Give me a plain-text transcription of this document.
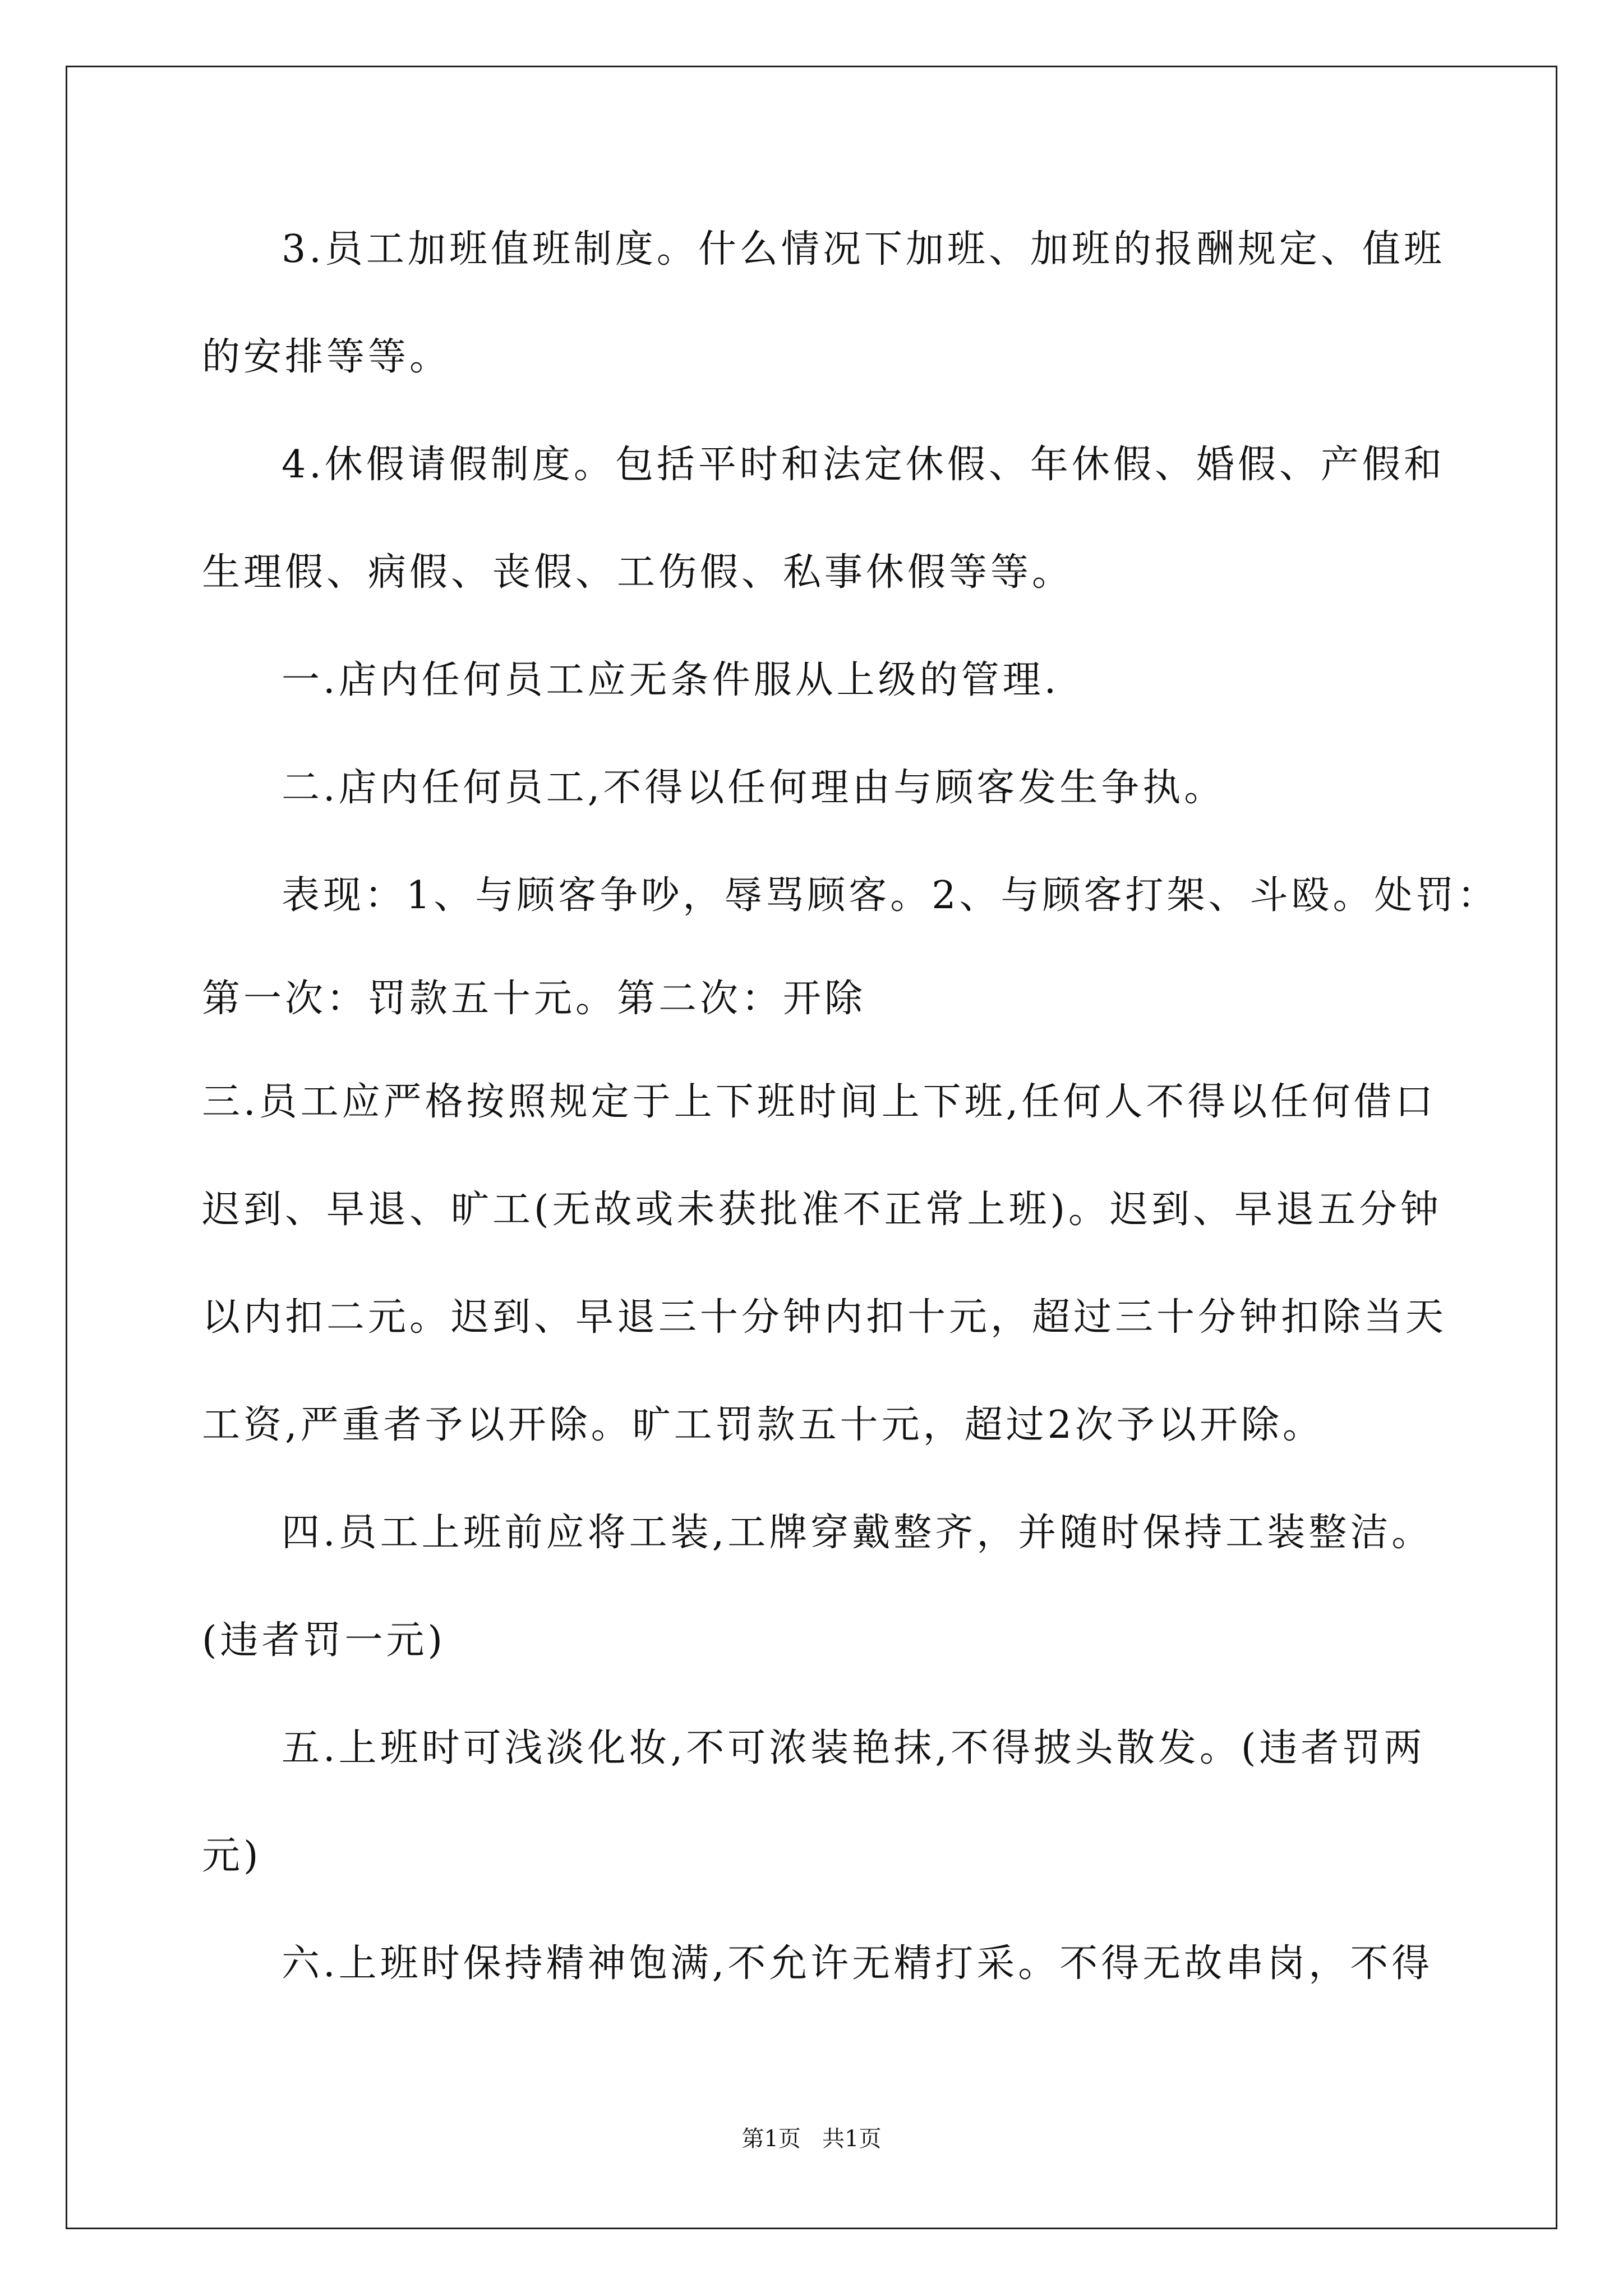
3.员工加班值班制度。什么情况下加班、加班的报酬规定、值班
的安排等等。
4.休假请假制度。包括平时和法定休假、年休假、婚假、产假和
生理假、病假、丧假、工伤假、私事休假等等。
一.店内任何员工应无条件服从上级的管理.
二.店内任何员工,不得以任何理由与顾客发生争执。
表现：1、与顾客争吵，辱骂顾客。2、与顾客打架、斗殴。处罚：
第一次：罚款五十元。第二次：开除
三.员工应严格按照规定于上下班时间上下班,任何人不得以任何借口
迟到、早退、旷工(无故或未获批准不正常上班)。迟到、早退五分钟
以内扣二元。迟到、早退三十分钟内扣十元，超过三十分钟扣除当天
工资,严重者予以开除。旷工罚款五十元，超过2次予以开除。
四.员工上班前应将工装,工牌穿戴整齐，并随时保持工装整洁。
(违者罚一元)
五.上班时可浅淡化妆,不可浓装艳抹,不得披头散发。(违者罚两
元)
六.上班时保持精神饱满,不允许无精打采。不得无故串岗，不得
第1页   共1页
